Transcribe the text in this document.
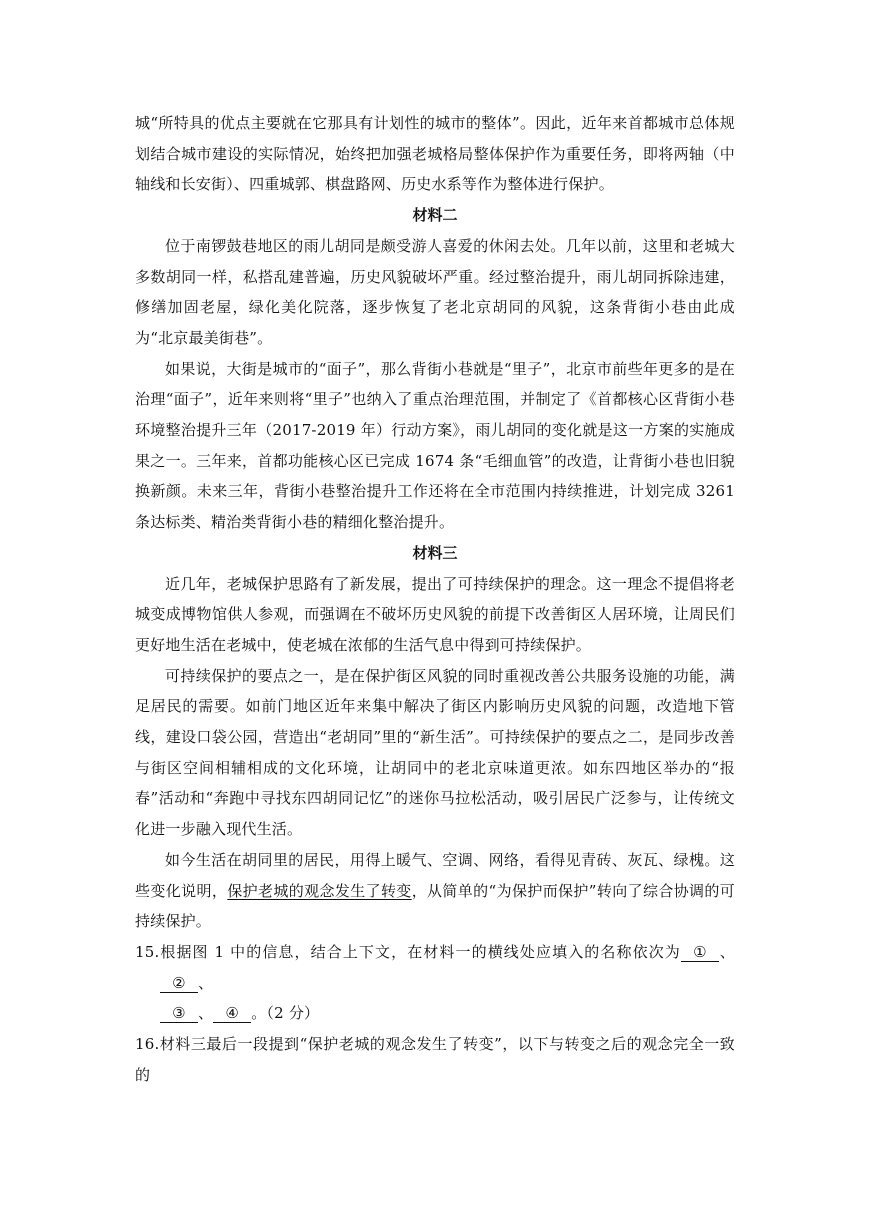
城“所特具的优点主要就在它那具有计划性的城市的整体”。因此，近年来首都城市总体规划结合城市建设的实际情况，始终把加强老城格局整体保护作为重要任务，即将两轴（中轴线和长安街）、四重城郭、棋盘路网、历史水系等作为整体进行保护。

材料二

位于南锣鼓巷地区的雨儿胡同是颇受游人喜爱的休闲去处。几年以前，这里和老城大多数胡同一样，私搭乱建普遍，历史风貌破坏严重。经过整治提升，雨儿胡同拆除违建，修缮加固老屋，绿化美化院落，逐步恢复了老北京胡同的风貌，这条背街小巷由此成为“北京最美街巷”。

如果说，大街是城市的“面子”，那么背街小巷就是“里子”，北京市前些年更多的是在治理“面子”，近年来则将“里子”也纳入了重点治理范围，并制定了《首都核心区背街小巷环境整治提升三年（2017-2019 年）行动方案》，雨儿胡同的变化就是这一方案的实施成果之一。三年来，首都功能核心区已完成 1674 条“毛细血管”的改造，让背街小巷也旧貌换新颜。未来三年，背街小巷整治提升工作还将在全市范围内持续推进，计划完成 3261 条达标类、精治类背街小巷的精细化整治提升。

材料三

近几年，老城保护思路有了新发展，提出了可持续保护的理念。这一理念不提倡将老城变成博物馆供人参观，而强调在不破坏历史风貌的前提下改善街区人居环境，让周民们更好地生活在老城中，使老城在浓郁的生活气息中得到可持续保护。

可持续保护的要点之一，是在保护街区风貌的同时重视改善公共服务设施的功能，满足居民的需要。如前门地区近年来集中解决了街区内影响历史风貌的问题，改造地下管线，建设口袋公园，营造出“老胡同”里的“新生活”。可持续保护的要点之二，是同步改善与街区空间相辅相成的文化环境，让胡同中的老北京味道更浓。如东四地区举办的“报春”活动和“奔跑中寻找东四胡同记忆”的迷你马拉松活动，吸引居民广泛参与，让传统文化进一步融入现代生活。

如今生活在胡同里的居民，用得上暖气、空调、网络，看得见青砖、灰瓦、绿槐。这些变化说明，保护老城的观念发生了转变，从简单的“为保护而保护”转向了综合协调的可持续保护。

15.根据图 1 中的信息，结合上下文，在材料一的横线处应填入的名称依次为 ① 、② 、
③ 、 ④ 。（2 分）

16.材料三最后一段提到“保护老城的观念发生了转变”，以下与转变之后的观念完全一致的
